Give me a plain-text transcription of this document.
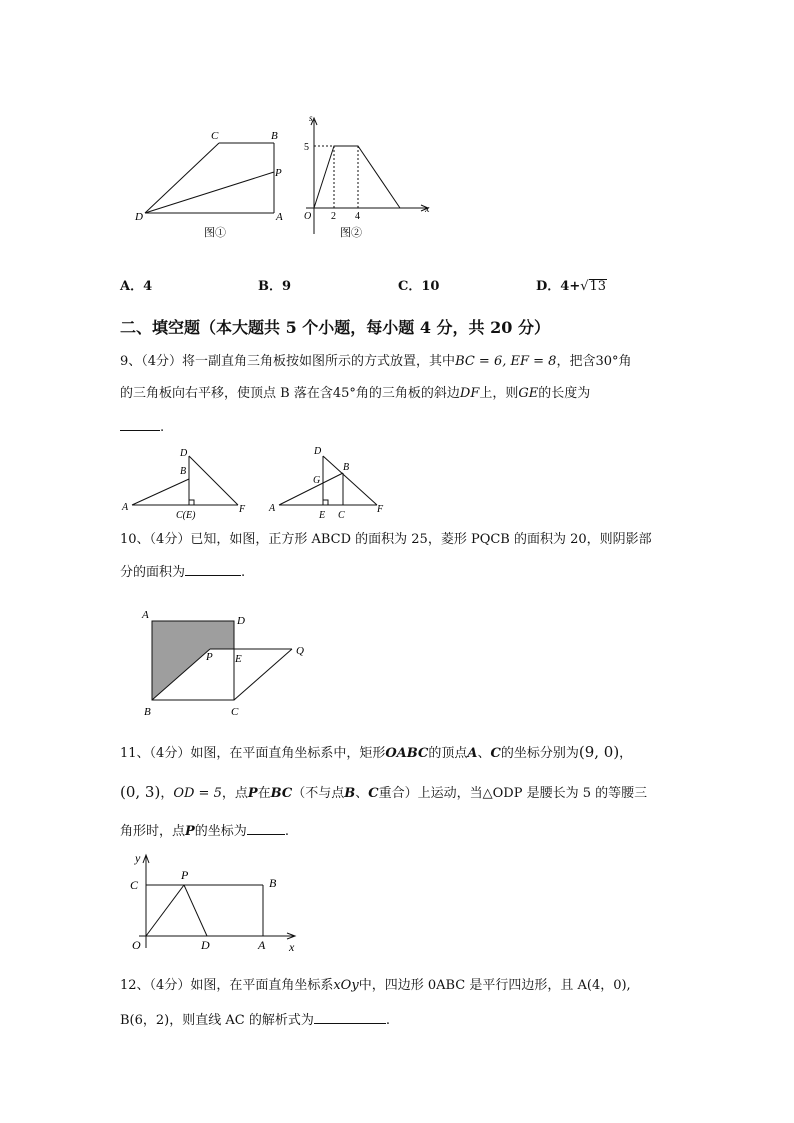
C	B
P
D	A
图①
s
5
O 2 4
x
图②
A．4	B．9	C．10	D．4+√13
二、填空题（本大题共 5 个小题，每小题 4 分，共 20 分）
9、（4分）将一副直角三角板按如图所示的方式放置，其中BC = 6, EF = 8，把含30°角
的三角板向右平移，使顶点 B 落在含45°角的三角板的斜边DF上，则GE的长度为
.
D
B
A
C(E)
F
D
G
B
A
E C
F
10、（4分）已知，如图，正方形 ABCD 的面积为 25，菱形 PQCB 的面积为 20，则阴影部
分的面积为	.
A	D
P E
Q
B	C
11、（4分）如图，在平面直角坐标系中，矩形OABC的顶点A、C的坐标分别为(9, 0)，
(0, 3)，OD = 5，点P在BC（不与点B、C重合）上运动，当△ODP 是腰长为 5 的等腰三
角形时，点P的坐标为	.
y
C
P
B
O	D	A x
12、（4分）如图，在平面直角坐标系xOy中，四边形 0ABC 是平行四边形，且 A(4，0),
B(6，2)，则直线 AC 的解析式为	.
